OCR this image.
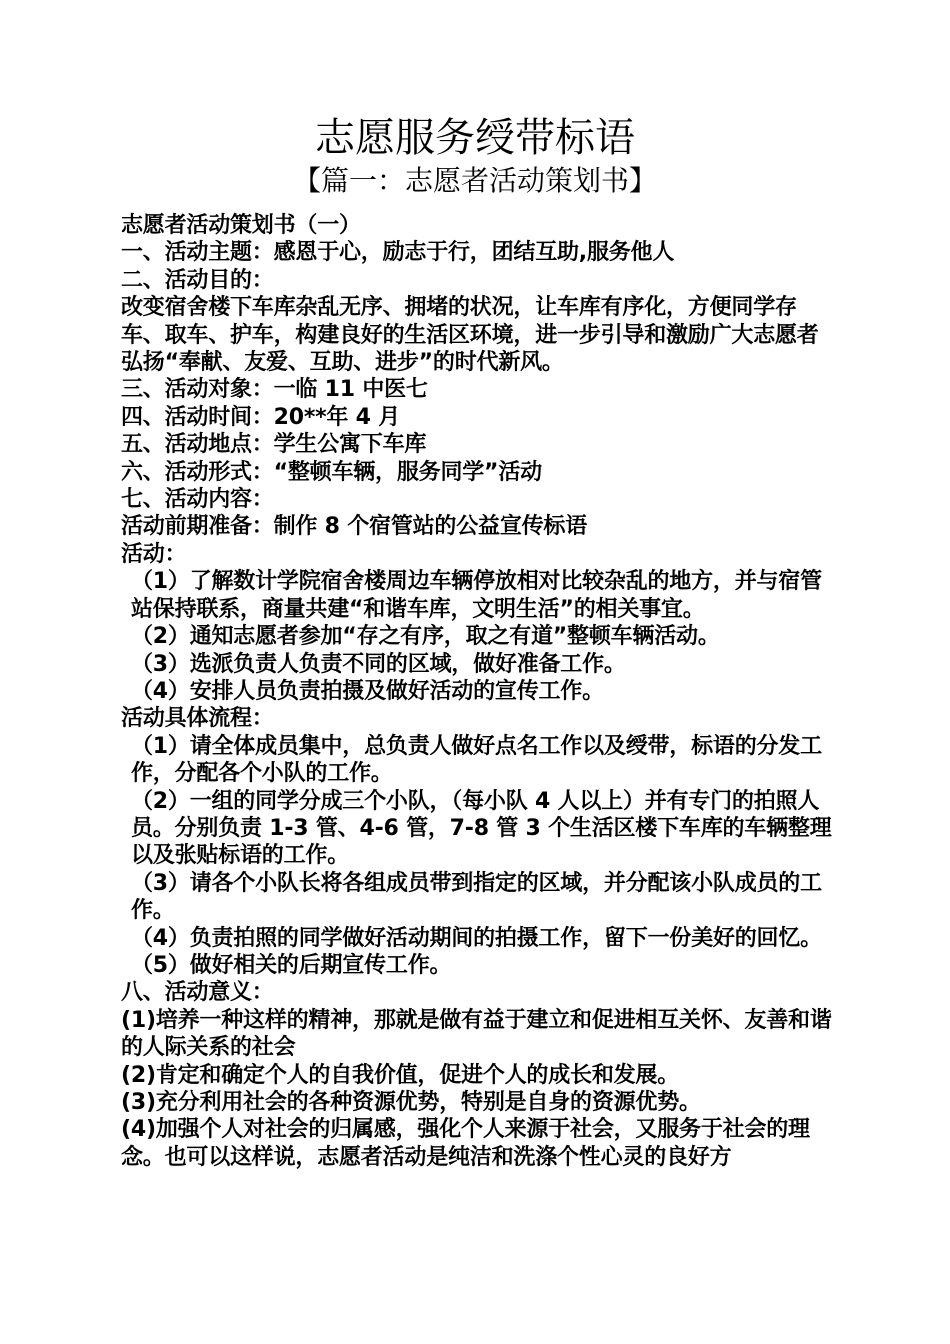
志愿服务绶带标语
【篇一：志愿者活动策划书】

志愿者活动策划书（一）

一、活动主题：感恩于心，励志于行，团结互助,服务他人

二、活动目的：

改变宿舍楼下车库杂乱无序、拥堵的状况，让车库有序化，方便同学存车、取车、护车，构建良好的生活区环境，进一步引导和激励广大志愿者弘扬“奉献、友爱、互助、进步”的时代新风。

三、活动对象：一临 11 中医七

四、活动时间：20**年 4 月

五、活动地点：学生公寓下车库

六、活动形式：“整顿车辆，服务同学”活动

七、活动内容：

活动前期准备：制作 8 个宿管站的公益宣传标语

活动：

（1）了解数计学院宿舍楼周边车辆停放相对比较杂乱的地方，并与宿管站保持联系，商量共建“和谐车库，文明生活”的相关事宜。

（2）通知志愿者参加“存之有序，取之有道”整顿车辆活动。

（3）选派负责人负责不同的区域，做好准备工作。

（4）安排人员负责拍摄及做好活动的宣传工作。

活动具体流程：

（1）请全体成员集中，总负责人做好点名工作以及绶带，标语的分发工作，分配各个小队的工作。

（2）一组的同学分成三个小队，（每小队 4 人以上）并有专门的拍照人员。分别负责 1-3 管、4-6 管，7-8 管 3 个生活区楼下车库的车辆整理以及张贴标语的工作。

（3）请各个小队长将各组成员带到指定的区域，并分配该小队成员的工作。

（4）负责拍照的同学做好活动期间的拍摄工作，留下一份美好的回忆。

（5）做好相关的后期宣传工作。

八、活动意义：

(1)培养一种这样的精神，那就是做有益于建立和促进相互关怀、友善和谐的人际关系的社会

(2)肯定和确定个人的自我价值，促进个人的成长和发展。

(3)充分利用社会的各种资源优势，特别是自身的资源优势。

(4)加强个人对社会的归属感，强化个人来源于社会，又服务于社会的理念。也可以这样说，志愿者活动是纯洁和洗涤个性心灵的良好方
